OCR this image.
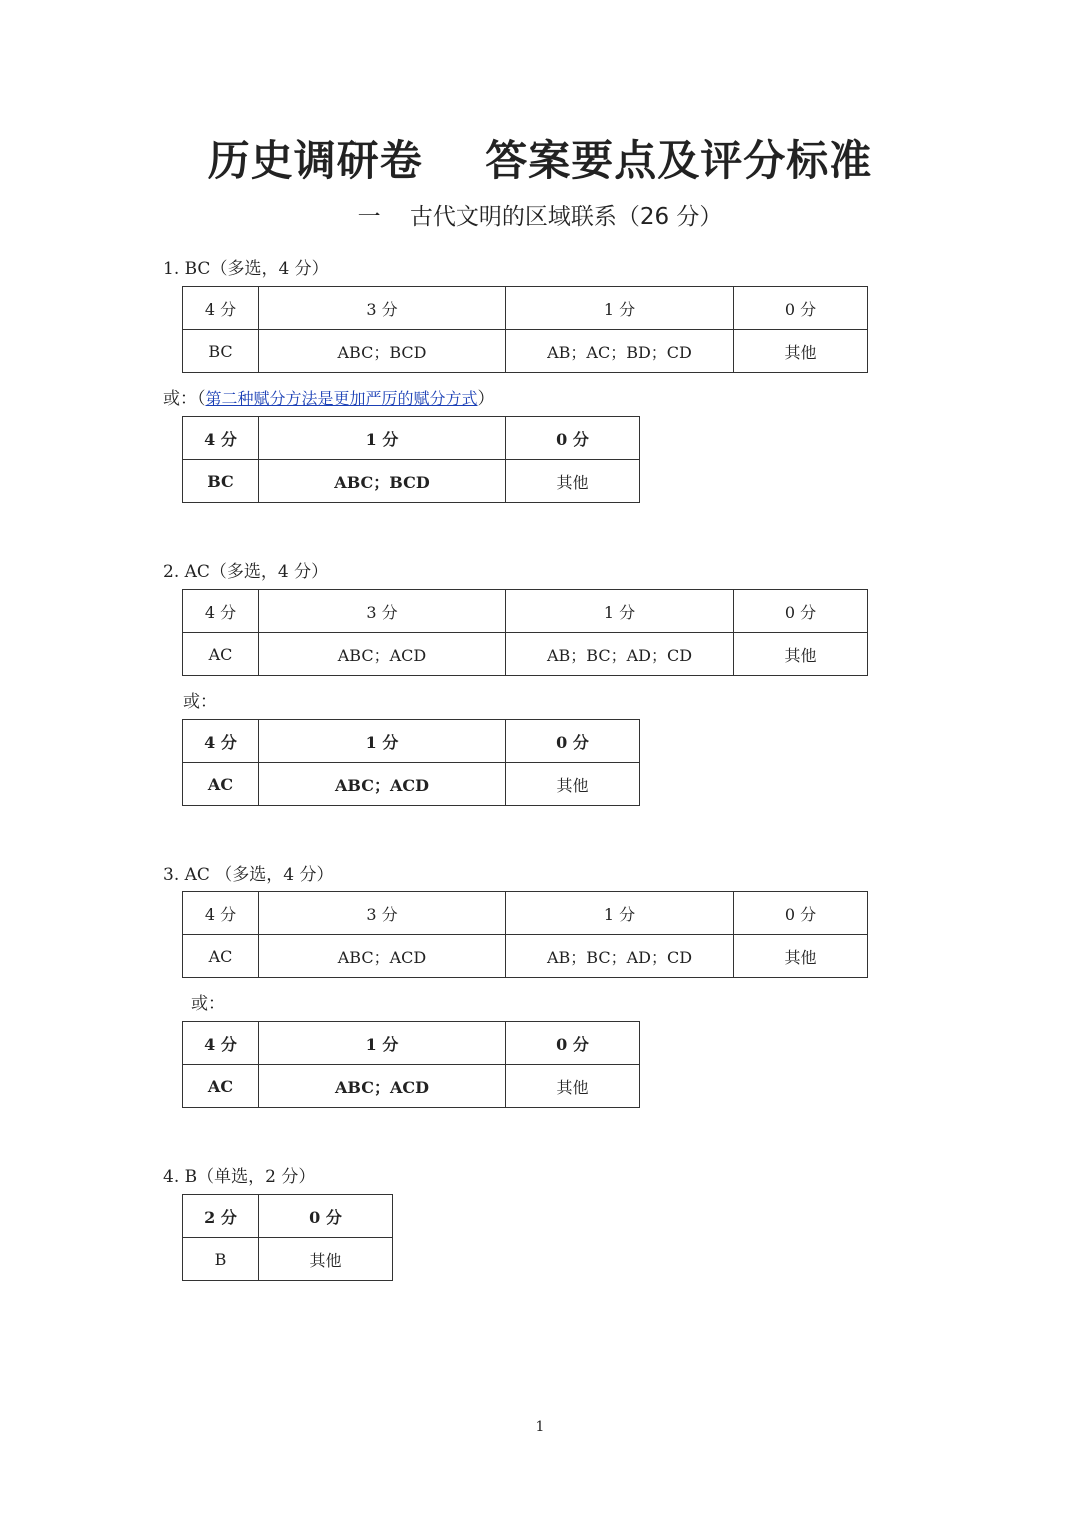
历史调研卷    答案要点及评分标准
一    古代文明的区域联系（26 分）
1. BC（多选，4 分）
4 分	3 分	1 分	0 分
BC	ABC；BCD	AB；AC；BD；CD	其他
或：（第二种赋分方法是更加严厉的赋分方式）
4 分	1 分	0 分
BC	ABC；BCD	其他
2. AC（多选，4 分）
4 分	3 分	1 分	0 分
AC	ABC；ACD	AB；BC；AD；CD	其他
或：
4 分	1 分	0 分
AC	ABC；ACD	其他
3. AC （多选，4 分）
4 分	3 分	1 分	0 分
AC	ABC；ACD	AB；BC；AD；CD	其他
或：
4 分	1 分	0 分
AC	ABC；ACD	其他
4. B（单选，2 分）
2 分	0 分
B	其他
1
